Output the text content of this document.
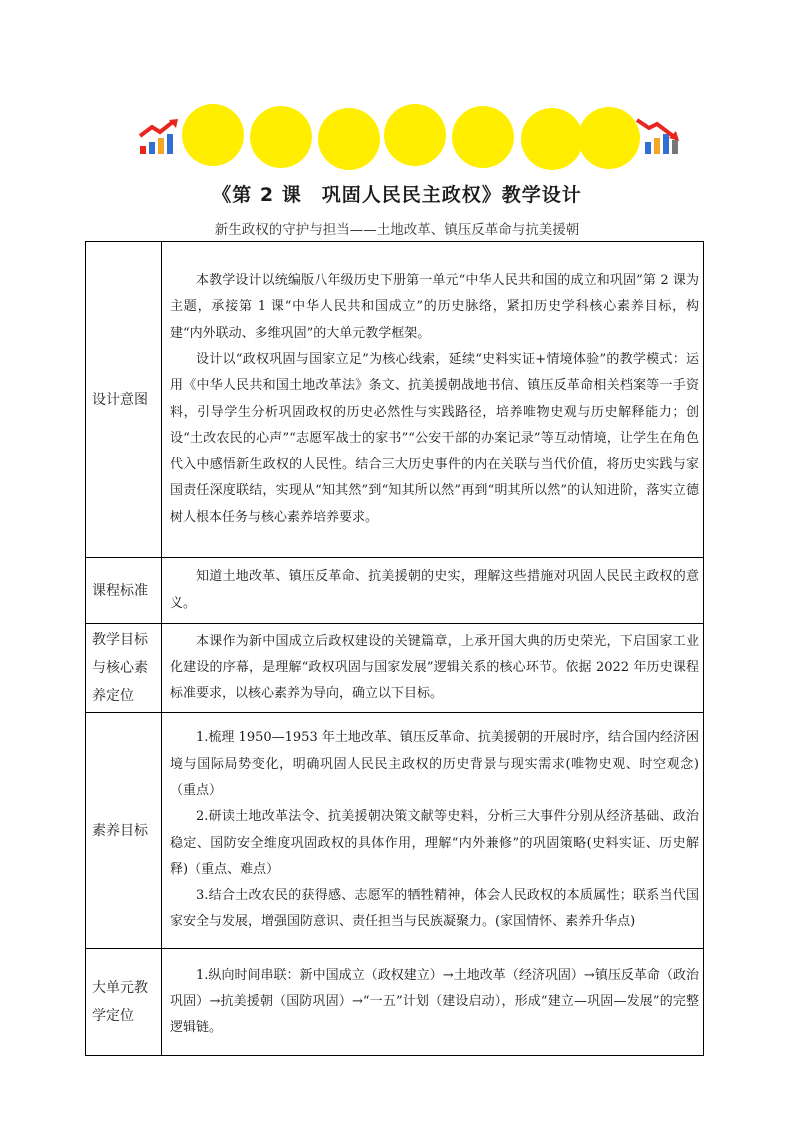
《第 2 课　巩固人民民主政权》教学设计
新生政权的守护与担当——土地改革、镇压反革命与抗美援朝
设计意图	本教学设计以统编版八年级历史下册第一单元“中华人民共和国的成立和巩固”第 2 课为主题，承接第 1 课“中华人民共和国成立”的历史脉络，紧扣历史学科核心素养目标，构建“内外联动、多维巩固”的大单元教学框架。

设计以“政权巩固与国家立足”为核心线索，延续“史料实证+情境体验”的教学模式：运用《中华人民共和国土地改革法》条文、抗美援朝战地书信、镇压反革命相关档案等一手资料，引导学生分析巩固政权的历史必然性与实践路径，培养唯物史观与历史解释能力；创设“土改农民的心声”“志愿军战士的家书”“公安干部的办案记录”等互动情境，让学生在角色代入中感悟新生政权的人民性。结合三大历史事件的内在关联与当代价值，将历史实践与家国责任深度联结，实现从“知其然”到“知其所以然”再到“明其所以然”的认知进阶，落实立德树人根本任务与核心素养培养要求。

课程标准	知道土地改革、镇压反革命、抗美援朝的史实，理解这些措施对巩固人民民主政权的意义。

教学目标与核心素养定位	本课作为新中国成立后政权建设的关键篇章，上承开国大典的历史荣光，下启国家工业化建设的序幕，是理解“政权巩固与国家发展”逻辑关系的核心环节。依据 2022 年历史课程标准要求，以核心素养为导向，确立以下目标。

素养目标	1.梳理 1950—1953 年土地改革、镇压反革命、抗美援朝的开展时序，结合国内经济困境与国际局势变化，明确巩固人民民主政权的历史背景与现实需求(唯物史观、时空观念)（重点）

2.研读土地改革法令、抗美援朝决策文献等史料，分析三大事件分别从经济基础、政治稳定、国防安全维度巩固政权的具体作用，理解“内外兼修”的巩固策略(史料实证、历史解释)（重点、难点）

3.结合土改农民的获得感、志愿军的牺牲精神，体会人民政权的本质属性；联系当代国家安全与发展，增强国防意识、责任担当与民族凝聚力。(家国情怀、素养升华点)

大单元教学定位	1.纵向时间串联：新中国成立（政权建立）→土地改革（经济巩固）→镇压反革命（政治巩固）→抗美援朝（国防巩固）→“一五”计划（建设启动），形成“建立—巩固—发展”的完整逻辑链。
